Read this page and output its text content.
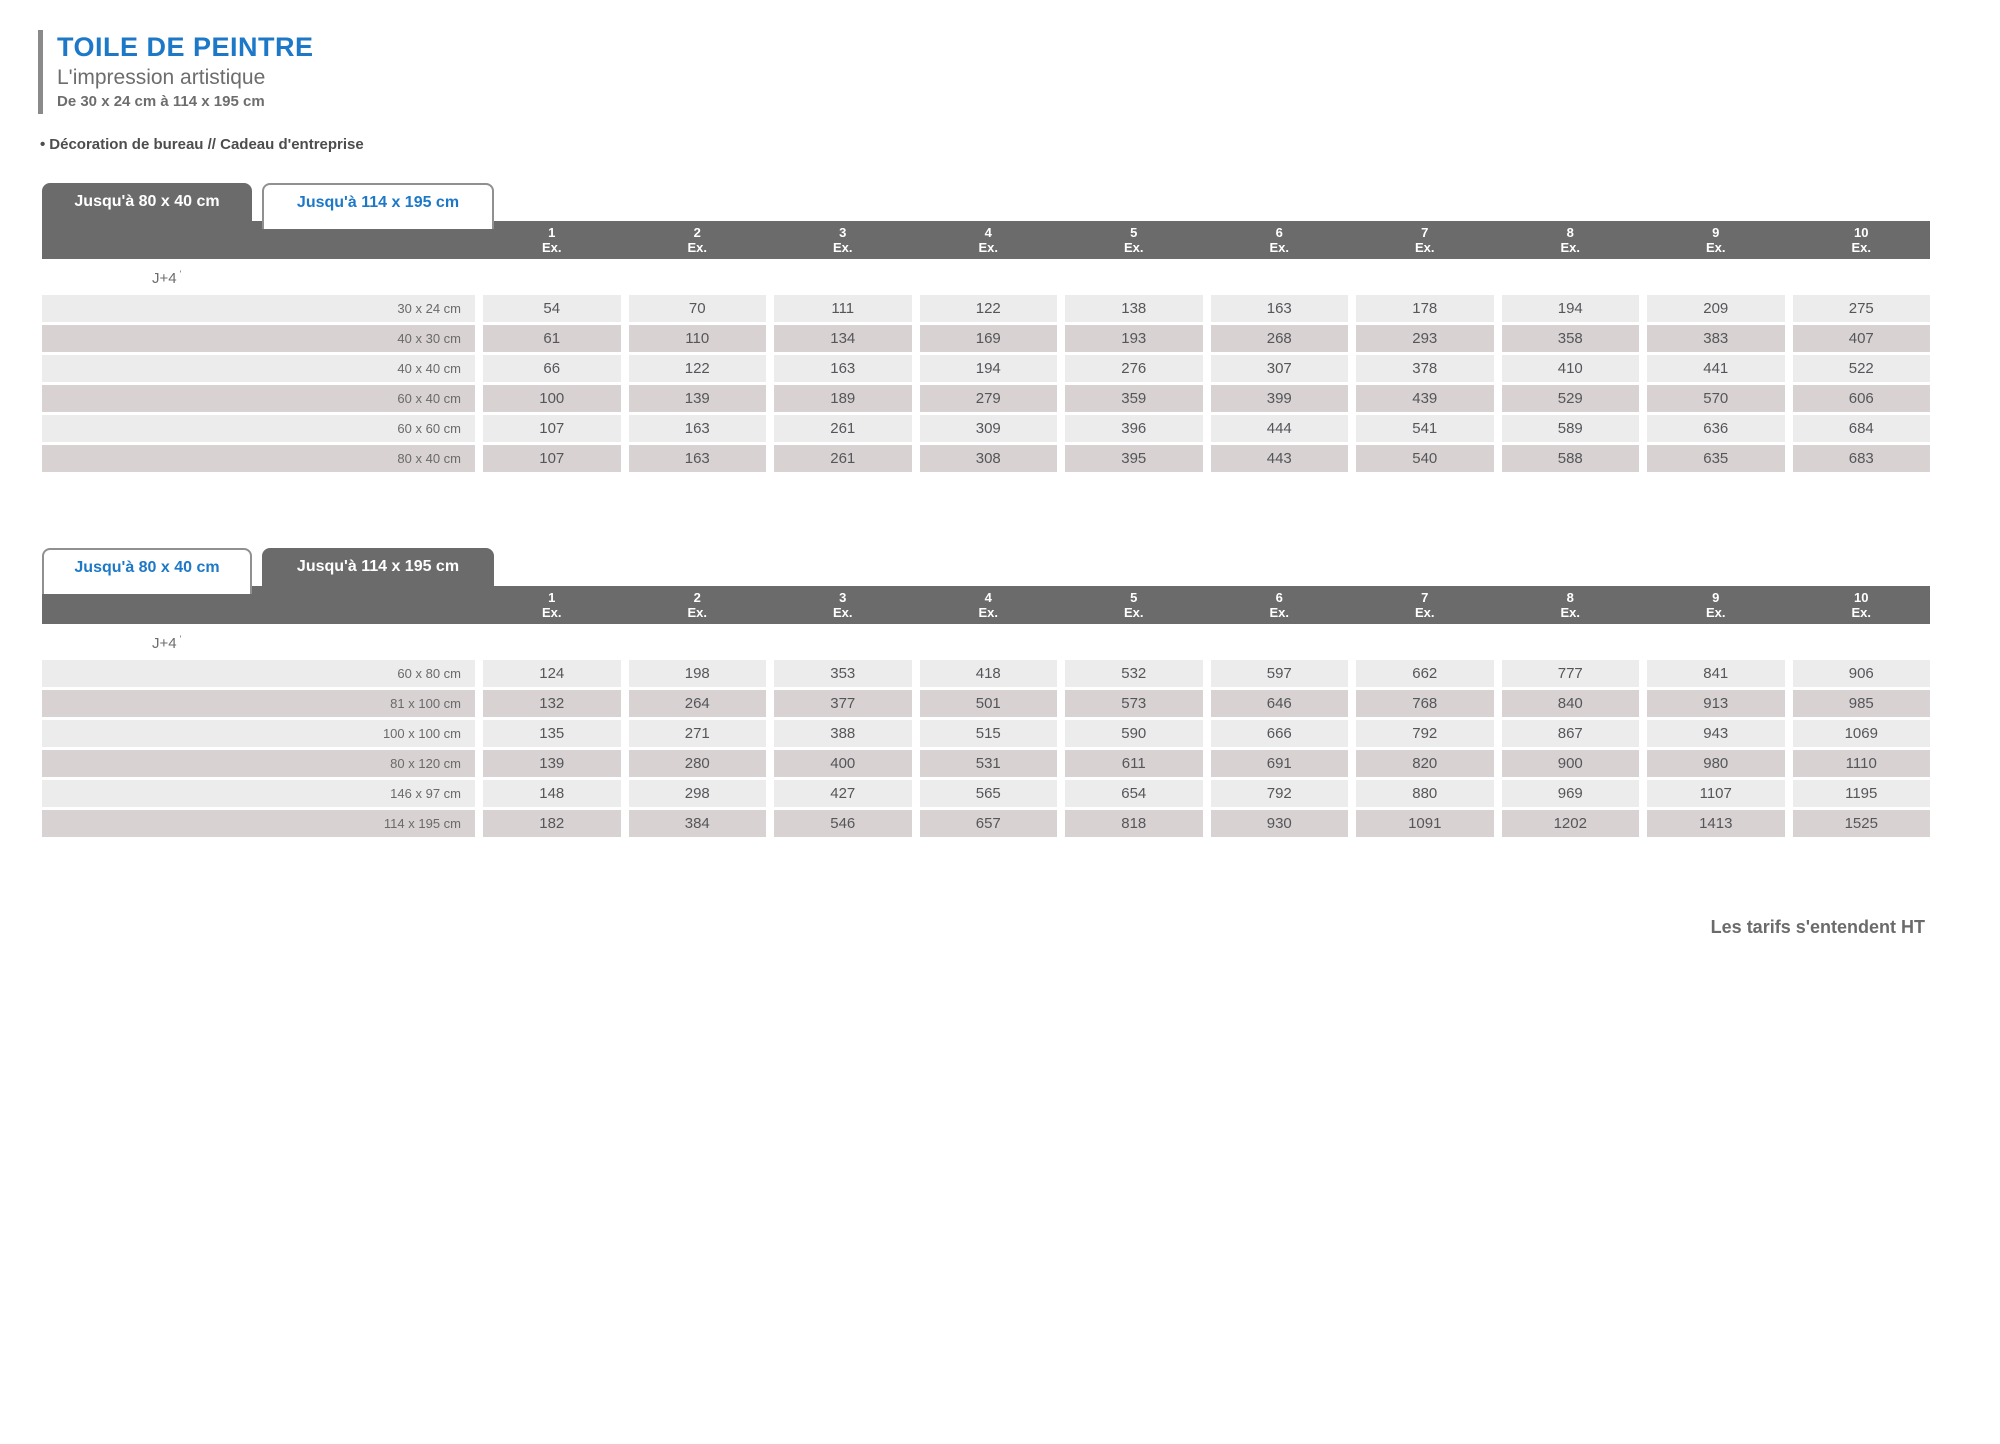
TOILE DE PEINTRE
L'impression artistique
De 30 x 24 cm à 114 x 195 cm
• Décoration de bureau // Cadeau d'entreprise
Jusqu'à 80 x 40 cm	Jusqu'à 114 x 195 cm
1
Ex.
2
Ex.
3
Ex.
4
Ex.
5
Ex.
6
Ex.
7
Ex.
8
Ex.
9
Ex.
10
Ex.
J+4 '
30 x 24 cm	54	70	111	122	138	163	178	194	209	275
40 x 30 cm	61	110	134	169	193	268	293	358	383	407
40 x 40 cm	66	122	163	194	276	307	378	410	441	522
60 x 40 cm	100	139	189	279	359	399	439	529	570	606
60 x 60 cm	107	163	261	309	396	444	541	589	636	684
80 x 40 cm	107	163	261	308	395	443	540	588	635	683
Jusqu'à 80 x 40 cm	Jusqu'à 114 x 195 cm
1
Ex.
2
Ex.
3
Ex.
4
Ex.
5
Ex.
6
Ex.
7
Ex.
8
Ex.
9
Ex.
10
Ex.
J+4 '
60 x 80 cm	124	198	353	418	532	597	662	777	841	906
81 x 100 cm	132	264	377	501	573	646	768	840	913	985
100 x 100 cm	135	271	388	515	590	666	792	867	943	1069
80 x 120 cm	139	280	400	531	611	691	820	900	980	1110
146 x 97 cm	148	298	427	565	654	792	880	969	1107	1195
114 x 195 cm	182	384	546	657	818	930	1091	1202	1413	1525
Les tarifs s'entendent HT
